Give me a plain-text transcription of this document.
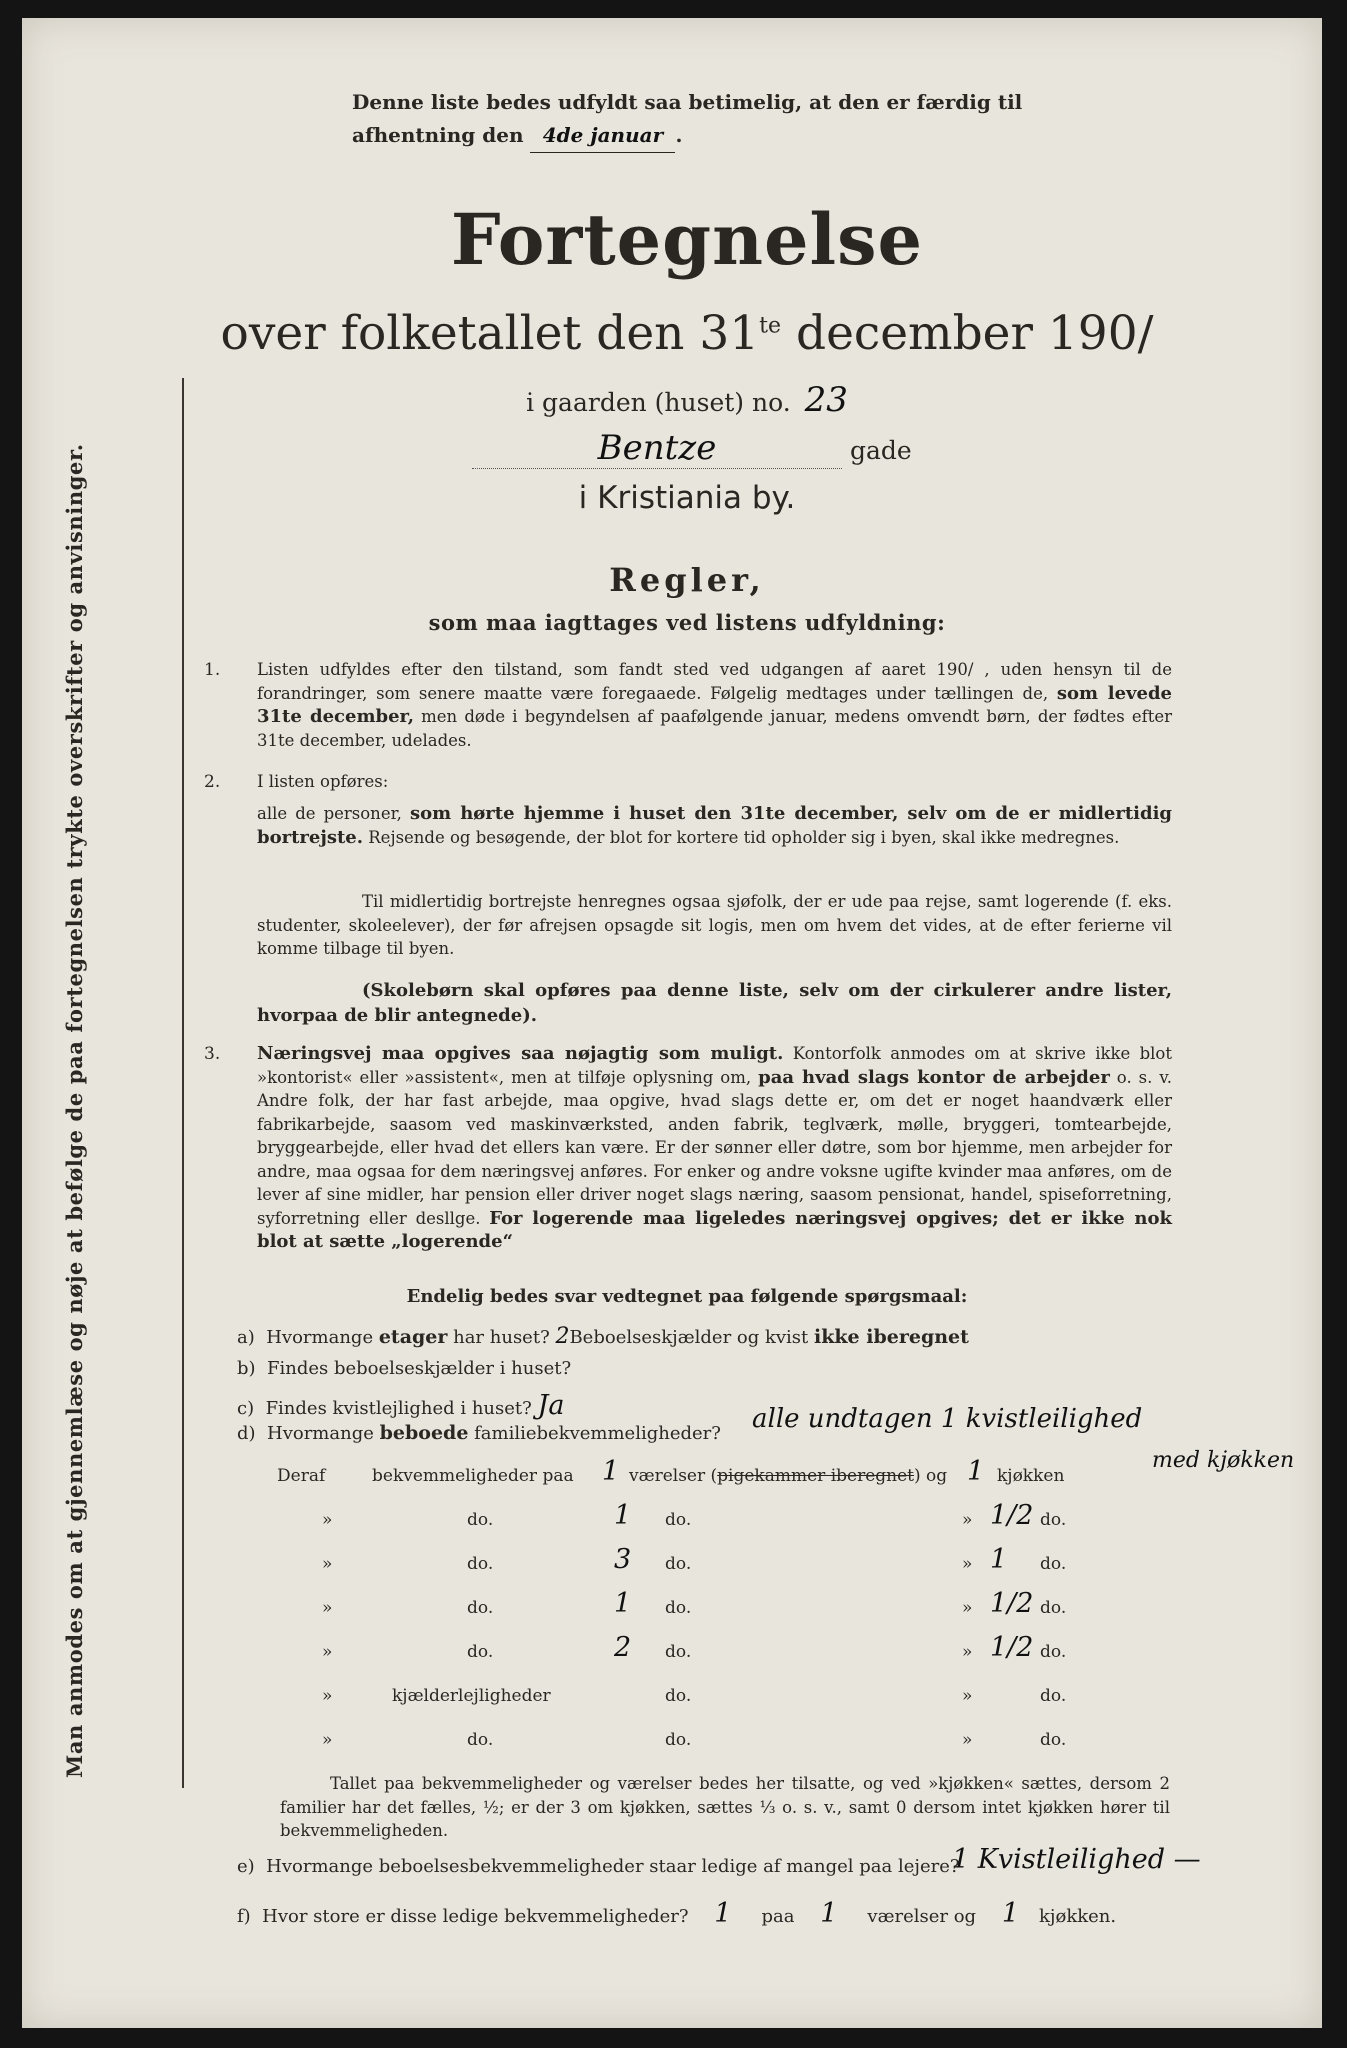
Man anmodes om at gjennemlæse og nøje at befølge de paa fortegnelsen trykte overskrifter og anvisninger.
Denne liste bedes udfyldt saa betimelig, at den er færdig til
afhentning den 4de januar .
Fortegnelse
over folketallet den $31^{te}$ december 190/
i gaarden (huset) no. 23
Bentze	gade
i Kristiania by.
Regler,
som maa iagttages ved listens udfyldning:
1. Listen udfyldes efter den tilstand, som fandt sted ved udgangen af aaret 190/ , uden hensyn til de forandringer, som senere maatte være foregaaede. Følgelig medtages under tællingen de, som levede 31te december, men døde i begyndelsen af paafølgende januar, medens omvendt børn, der fødtes efter 31te december, udelades.
2. I listen opføres:
alle de personer, som hørte hjemme i huset den 31te december, selv om de er midlertidig bortrejste. Rejsende og besøgende, der blot for kortere tid opholder sig i byen, skal ikke medregnes.
Til midlertidig bortrejste henregnes ogsaa sjøfolk, der er ude paa rejse, samt logerende (f. eks. studenter, skoleelever), der før afrejsen opsagde sit logis, men om hvem det vides, at de efter ferierne vil komme tilbage til byen.
(Skolebørn skal opføres paa denne liste, selv om der cirkulerer andre lister, hvorpaa de blir antegnede).
3. Næringsvej maa opgives saa nøjagtig som muligt. Kontorfolk anmodes om at skrive ikke blot »kontorist« eller »assistent«, men at tilføje oplysning om, paa hvad slags kontor de arbejder o. s. v. Andre folk, der har fast arbejde, maa opgive, hvad slags dette er, om det er noget haandværk eller fabrikarbejde, saasom ved maskinværksted, anden fabrik, teglværk, mølle, bryggeri, tomtearbejde, bryggearbejde, eller hvad det ellers kan være. Er der sønner eller døtre, som bor hjemme, men arbejder for andre, maa ogsaa for dem næringsvej anføres. For enker og andre voksne ugifte kvinder maa anføres, om de lever af sine midler, har pension eller driver noget slags næring, saasom pensionat, handel, spiseforretning, syforretning eller desllge. For logerende maa ligeledes næringsvej opgives; det er ikke nok blot at sætte „logerende“
Endelig bedes svar vedtegnet paa følgende spørgsmaal:
a) Hvormange etager har huset? 2Beboelseskjælder og kvist ikke iberegnet
b) Findes beboelseskjælder i huset?
c) Findes kvistlejlighed i huset? Ja
d) Hvormange beboede familiebekvemmeligheder? alle undtagen 1 kvistleilighed
med kjøkken
Deraf	bekvemmeligheder paa 1 værelser (pigekammer iberegnet) og 1 kjøkken
»	do.	1 do.	» 1/2 do.
»	do.	3 do.	» 1 do.
»	do.	1 do.	» 1/2 do.
»	do.	2 do.	» 1/2 do.
»	kjælderlejligheder	do.	»	do.
»	do.	do.	»	do.
Tallet paa bekvemmeligheder og værelser bedes her tilsatte, og ved »kjøkken« sættes, dersom 2 familier har det fælles, ½; er der 3 om kjøkken, sættes ⅓ o. s. v., samt 0 dersom intet kjøkken hører til bekvemmeligheden.
e) Hvormange beboelsesbekvemmeligheder staar ledige af mangel paa lejere?
1 Kvistleilighed —
f) Hvor store er disse ledige bekvemmeligheder? 1 paa 1 værelser og 1 kjøkken.
